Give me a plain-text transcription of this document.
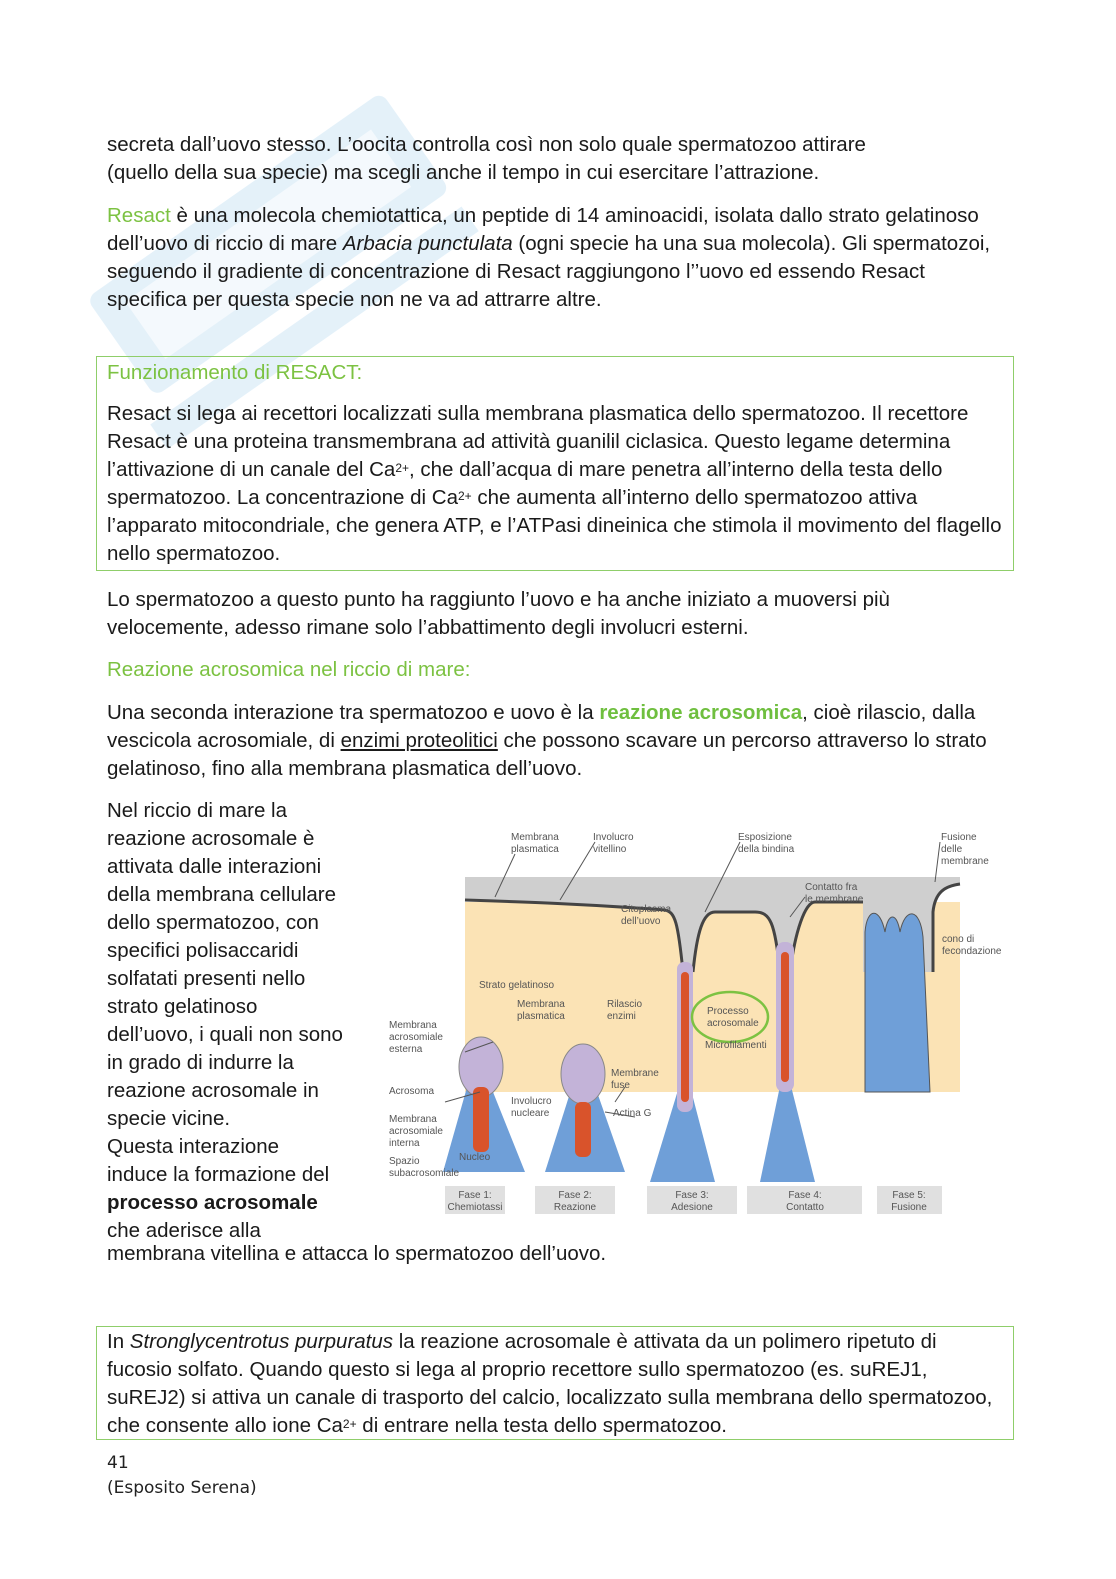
secreta dall’uovo stesso. L’oocita controlla così non solo quale spermatozoo attirare
(quello della sua specie) ma scegli anche il tempo in cui esercitare l’attrazione.

Resact è una molecola chemiotattica, un peptide di 14 aminoacidi, isolata dallo strato gelatinoso dell’uovo di riccio di mare Arbacia punctulata (ogni specie ha una sua molecola). Gli spermatozoi, seguendo il gradiente di concentrazione di Resact raggiungono l’’uovo ed essendo Resact specifica per questa specie non ne va ad attrarre altre.

Funzionamento di RESACT:

Resact si lega ai recettori localizzati sulla membrana plasmatica dello spermatozoo. Il recettore Resact è una proteina transmembrana ad attività guanilil ciclasica. Questo legame determina l’attivazione di un canale del $Ca^{2+}$, che dall’acqua di mare penetra all’interno della testa dello spermatozoo. La concentrazione di $Ca^{2+}$ che aumenta all’interno dello spermatozoo attiva l’apparato mitocondriale, che genera ATP, e l’ATPasi dineinica che stimola il movimento del flagello nello spermatozoo.

Lo spermatozoo a questo punto ha raggiunto l’uovo e ha anche iniziato a muoversi più velocemente, adesso rimane solo l’abbattimento degli involucri esterni.

Reazione acrosomica nel riccio di mare:

Una seconda interazione tra spermatozoo e uovo è la reazione acrosomica, cioè rilascio, dalla vescicola acrosomiale, di enzimi proteolitici che possono scavare un percorso attraverso lo strato gelatinoso, fino alla membrana plasmatica dell’uovo.

Nel riccio di mare la
reazione acrosomale è
attivata dalle interazioni
della membrana cellulare
dello spermatozoo, con
specifici polisaccaridi
solfatati presenti nello
strato gelatinoso
dell’uovo, i quali non sono
in grado di indurre la
reazione acrosomale in
specie vicine.
Questa interazione
induce la formazione del
processo acrosomale
che aderisce alla

membrana vitellina e attacca lo spermatozoo dell’uovo.

Membrana plasmatica
Involucro vitellino
Esposizione della bindina
Fusione delle membrane
Contatto fra le membrane
Citoplasma dell’uovo
cono di fecondazione
Strato gelatinoso
Membrana plasmatica
Rilascio enzimi	Processo acrosomale
Microfilamenti
Membrana acrosomiale esterna
Acrosoma
Membrane fuse
Involucro nucleare	Actina G
Membrana acrosomiale interna
Spazio subacrosomiale
Nucleo
Fase 1: Chemiotassi
Fase 2: Reazione
Fase 3: Adesione
Fase 4: Contatto
Fase 5: Fusione

In Stronglycentrotus purpuratus la reazione acrosomale è attivata da un polimero ripetuto di fucosio solfato. Quando questo si lega al proprio recettore sullo spermatozoo (es. suREJ1, suREJ2) si attiva un canale di trasporto del calcio, localizzato sulla membrana dello spermatozoo, che consente allo ione $Ca^{2+}$ di entrare nella testa dello spermatozoo.

41
(Esposito Serena)
